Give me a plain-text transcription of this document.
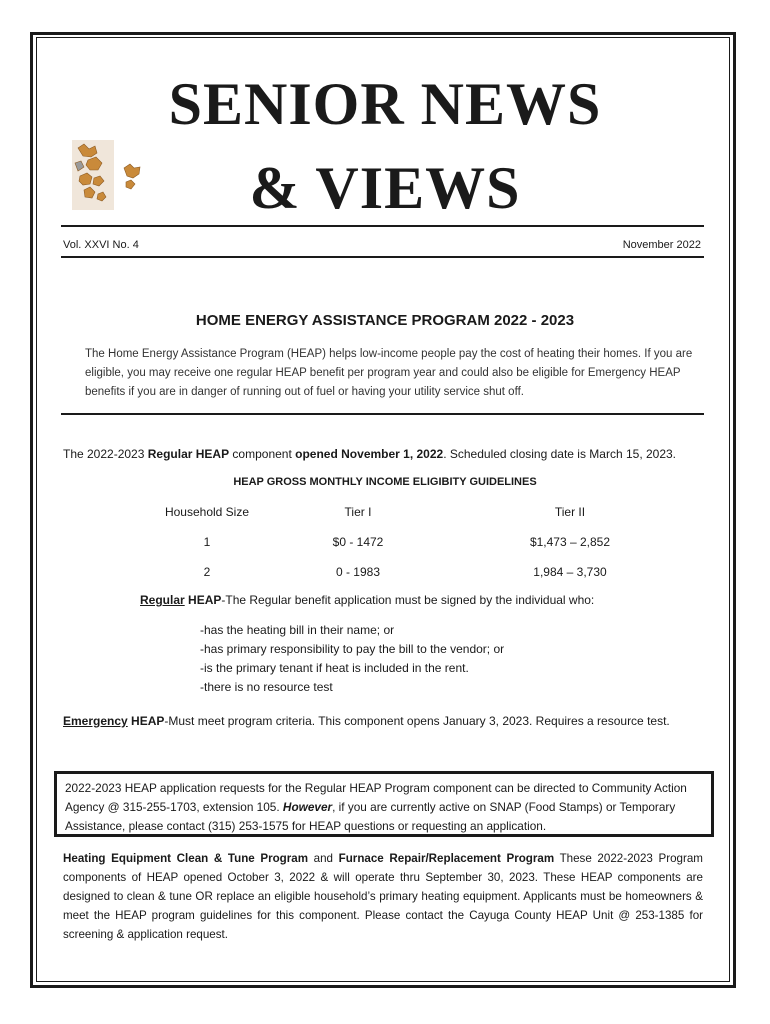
SENIOR NEWS
& VIEWS
Vol. XXVI No. 4	November 2022
HOME ENERGY ASSISTANCE PROGRAM 2022 - 2023

The Home Energy Assistance Program (HEAP) helps low-income people pay the cost of heating their homes. If you are eligible, you may receive one regular HEAP benefit per program year and could also be eligible for Emergency HEAP benefits if you are in danger of running out of fuel or having your utility service shut off.

The 2022-2023 Regular HEAP component opened November 1, 2022. Scheduled closing date is March 15, 2023.

HEAP GROSS MONTHLY INCOME ELIGIBITY GUIDELINES
Household Size	Tier I	Tier II
1	$0 - 1472	$1,473 – 2,852
2	0 - 1983	1,984 – 3,730

Regular HEAP-The Regular benefit application must be signed by the individual who:

-has the heating bill in their name; or
-has primary responsibility to pay the bill to the vendor; or
-is the primary tenant if heat is included in the rent.
-there is no resource test

Emergency HEAP-Must meet program criteria. This component opens January 3, 2023. Requires a resource test.

2022-2023 HEAP application requests for the Regular HEAP Program component can be directed to Community Action Agency @ 315-255-1703, extension 105. However, if you are currently active on SNAP (Food Stamps) or Temporary Assistance, please contact (315) 253-1575 for HEAP questions or requesting an application.

Heating Equipment Clean & Tune Program and Furnace Repair/Replacement Program These 2022-2023 Program components of HEAP opened October 3, 2022 & will operate thru September 30, 2023. These HEAP components are designed to clean & tune OR replace an eligible household’s primary heating equipment. Applicants must be homeowners & meet the HEAP program guidelines for this component. Please contact the Cayuga County HEAP Unit @ 253-1385 for screening & application request.
